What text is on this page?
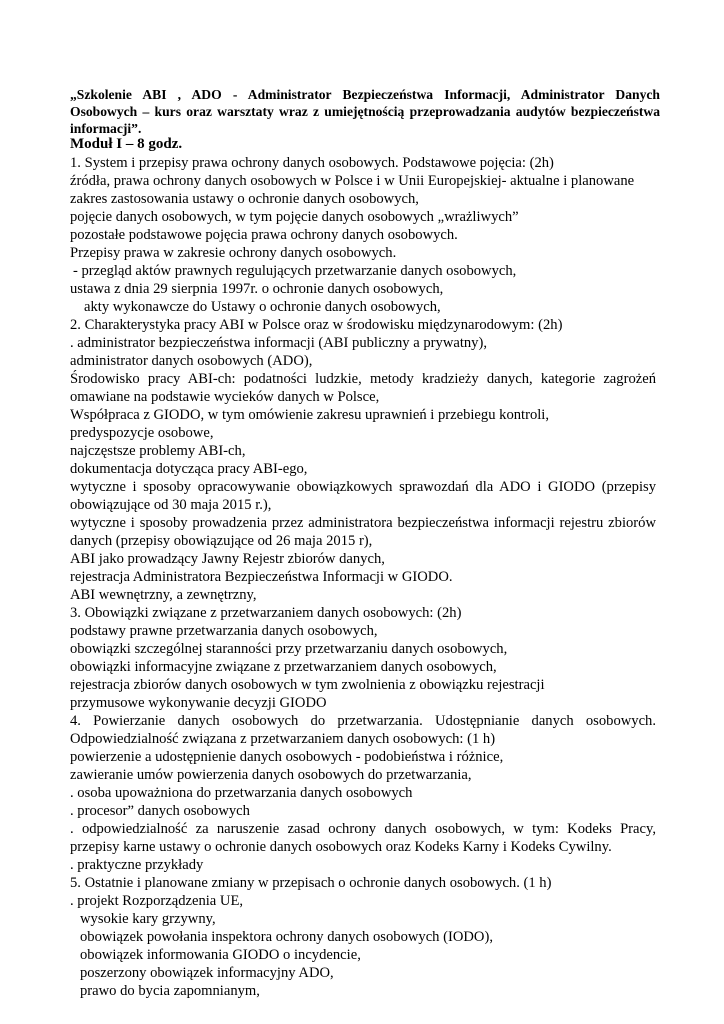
„Szkolenie ABI , ADO - Administrator Bezpieczeństwa Informacji, Administrator Danych Osobowych – kurs oraz warsztaty wraz z umiejętnością przeprowadzania audytów bezpieczeństwa informacji”.
Moduł I – 8 godz.
1. System i przepisy prawa ochrony danych osobowych. Podstawowe pojęcia: (2h)
źródła, prawa ochrony danych osobowych w Polsce i w Unii Europejskiej- aktualne i planowane
zakres zastosowania ustawy o ochronie danych osobowych,
pojęcie danych osobowych, w tym pojęcie danych osobowych „wrażliwych”
pozostałe podstawowe pojęcia prawa ochrony danych osobowych.
Przepisy prawa w zakresie ochrony danych osobowych.
- przegląd aktów prawnych regulujących przetwarzanie danych osobowych,
ustawa z dnia 29 sierpnia 1997r. o ochronie danych osobowych,
akty wykonawcze do Ustawy o ochronie danych osobowych,
2. Charakterystyka pracy ABI w Polsce oraz w środowisku międzynarodowym: (2h)
. administrator bezpieczeństwa informacji (ABI publiczny a prywatny),
administrator danych osobowych (ADO),
Środowisko pracy ABI-ch: podatności ludzkie, metody kradzieży danych, kategorie zagrożeń omawiane na podstawie wycieków danych w Polsce,
Współpraca z GIODO, w tym omówienie zakresu uprawnień i przebiegu kontroli,
predyspozycje osobowe,
najczęstsze problemy ABI-ch,
dokumentacja dotycząca pracy ABI-ego,
wytyczne i sposoby opracowywanie obowiązkowych sprawozdań dla ADO i GIODO (przepisy obowiązujące od 30 maja 2015 r.),
wytyczne i sposoby prowadzenia przez administratora bezpieczeństwa informacji rejestru zbiorów danych (przepisy obowiązujące od 26 maja 2015 r),
ABI jako prowadzący Jawny Rejestr zbiorów danych,
rejestracja Administratora Bezpieczeństwa Informacji w GIODO.
ABI wewnętrzny, a zewnętrzny,
3. Obowiązki związane z przetwarzaniem danych osobowych: (2h)
podstawy prawne przetwarzania danych osobowych,
obowiązki szczególnej staranności przy przetwarzaniu danych osobowych,
obowiązki informacyjne związane z przetwarzaniem danych osobowych,
rejestracja zbiorów danych osobowych w tym zwolnienia z obowiązku rejestracji
przymusowe wykonywanie decyzji GIODO
4. Powierzanie danych osobowych do przetwarzania. Udostępnianie danych osobowych. Odpowiedzialność związana z przetwarzaniem danych osobowych: (1 h)
powierzenie a udostępnienie danych osobowych - podobieństwa i różnice,
zawieranie umów powierzenia danych osobowych do przetwarzania,
. osoba upoważniona do przetwarzania danych osobowych
. procesor” danych osobowych
. odpowiedzialność za naruszenie zasad ochrony danych osobowych, w tym: Kodeks Pracy, przepisy karne ustawy o ochronie danych osobowych oraz Kodeks Karny i Kodeks Cywilny.
. praktyczne przykłady
5. Ostatnie i planowane zmiany w przepisach o ochronie danych osobowych. (1 h)
. projekt Rozporządzenia UE,
wysokie kary grzywny,
obowiązek powołania inspektora ochrony danych osobowych (IODO),
obowiązek informowania GIODO o incydencie,
poszerzony obowiązek informacyjny ADO,
prawo do bycia zapomnianym,
